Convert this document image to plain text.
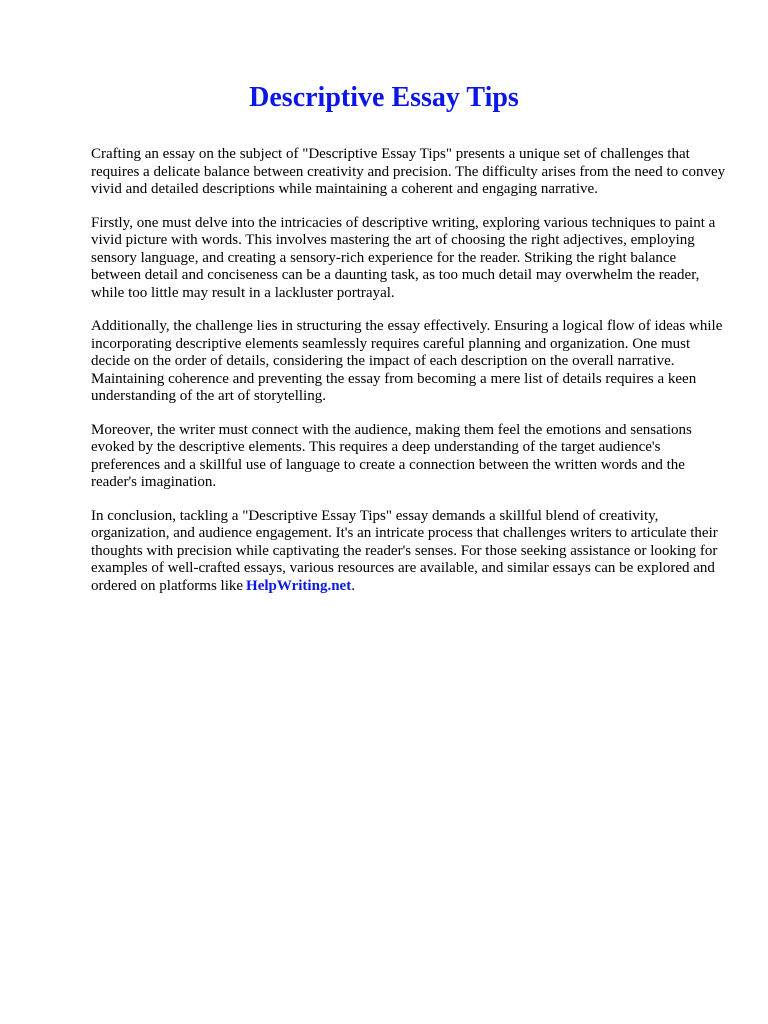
Descriptive Essay Tips

Crafting an essay on the subject of "Descriptive Essay Tips" presents a unique set of challenges that requires a delicate balance between creativity and precision. The difficulty arises from the need to convey vivid and detailed descriptions while maintaining a coherent and engaging narrative.

Firstly, one must delve into the intricacies of descriptive writing, exploring various techniques to paint a vivid picture with words. This involves mastering the art of choosing the right adjectives, employing sensory language, and creating a sensory-rich experience for the reader. Striking the right balance between detail and conciseness can be a daunting task, as too much detail may overwhelm the reader, while too little may result in a lackluster portrayal.

Additionally, the challenge lies in structuring the essay effectively. Ensuring a logical flow of ideas while incorporating descriptive elements seamlessly requires careful planning and organization. One must decide on the order of details, considering the impact of each description on the overall narrative. Maintaining coherence and preventing the essay from becoming a mere list of details requires a keen understanding of the art of storytelling.

Moreover, the writer must connect with the audience, making them feel the emotions and sensations evoked by the descriptive elements. This requires a deep understanding of the target audience's preferences and a skillful use of language to create a connection between the written words and the reader's imagination.

In conclusion, tackling a "Descriptive Essay Tips" essay demands a skillful blend of creativity, organization, and audience engagement. It's an intricate process that challenges writers to articulate their thoughts with precision while captivating the reader's senses. For those seeking assistance or looking for examples of well-crafted essays, various resources are available, and similar essays can be explored and ordered on platforms like HelpWriting.net.
